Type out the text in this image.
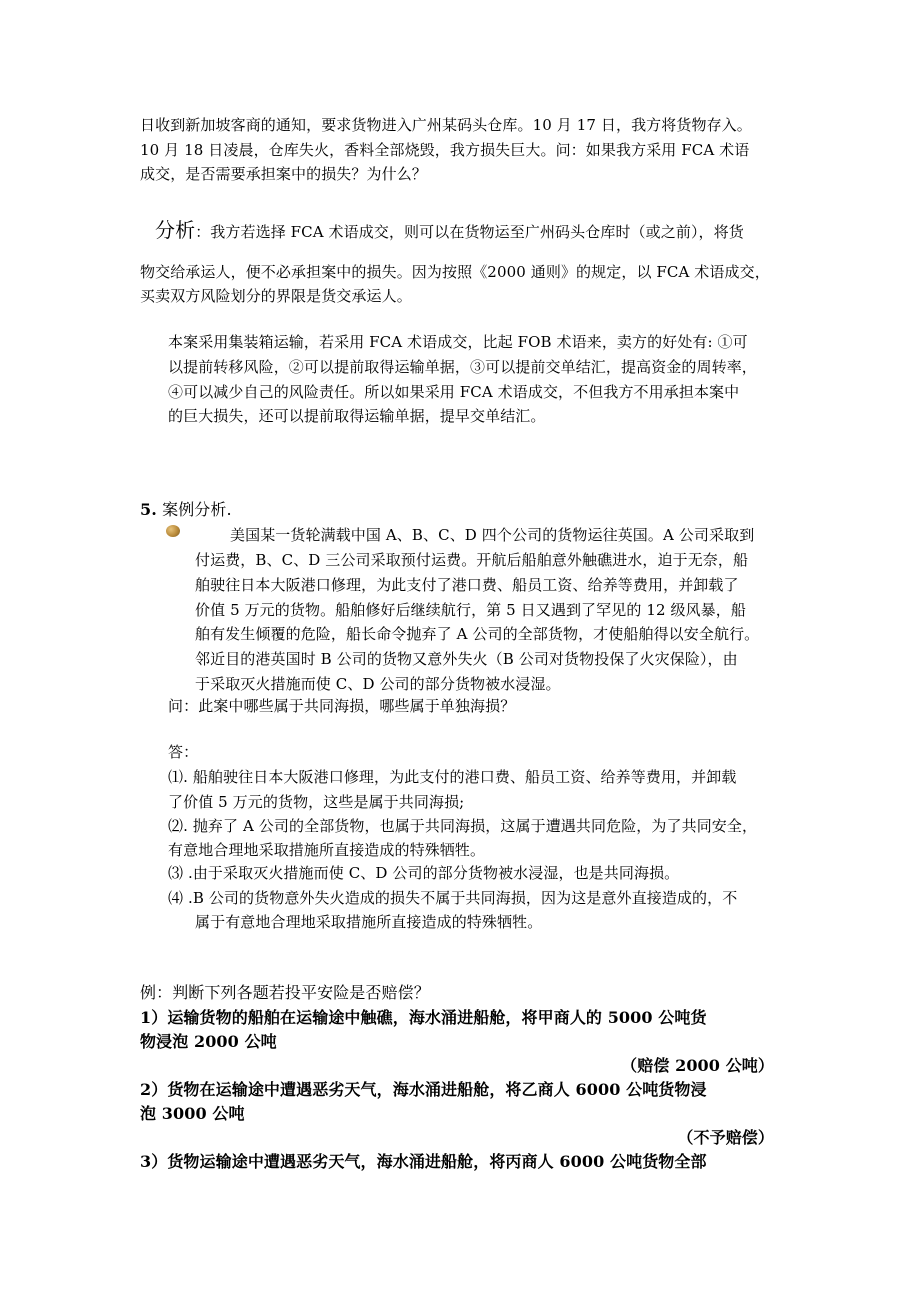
日收到新加坡客商的通知，要求货物进入广州某码头仓库。10 月 17 日，我方将货物存入。
10 月 18 日凌晨，仓库失火，香料全部烧毁，我方损失巨大。问：如果我方采用 FCA 术语
成交，是否需要承担案中的损失？为什么？
分析：我方若选择 FCA 术语成交，则可以在货物运至广州码头仓库时（或之前），将货
物交给承运人，便不必承担案中的损失。因为按照《2000 通则》的规定，以 FCA 术语成交，
买卖双方风险划分的界限是货交承运人。
本案采用集装箱运输，若采用 FCA 术语成交，比起 FOB 术语来，卖方的好处有: ①可
以提前转移风险，②可以提前取得运输单据，③可以提前交单结汇，提高资金的周转率，
④可以减少自己的风险责任。所以如果采用 FCA 术语成交，不但我方不用承担本案中
的巨大损失，还可以提前取得运输单据，提早交单结汇。
5. 案例分析.
美国某一货轮满载中国 A、B、C、D 四个公司的货物运往英国。A 公司采取到
付运费，B、C、D 三公司采取预付运费。开航后船舶意外触礁进水，迫于无奈，船
舶驶往日本大阪港口修理，为此支付了港口费、船员工资、给养等费用，并卸载了
价值 5 万元的货物。船舶修好后继续航行，第 5 日又遇到了罕见的 12 级风暴，船
舶有发生倾覆的危险，船长命令抛弃了 A 公司的全部货物，才使船舶得以安全航行。
邻近目的港英国时 B 公司的货物又意外失火（B 公司对货物投保了火灾保险），由
于采取灭火措施而使 C、D 公司的部分货物被水浸湿。
问：此案中哪些属于共同海损，哪些属于单独海损？
答：
⑴. 船舶驶往日本大阪港口修理，为此支付的港口费、船员工资、给养等费用，并卸载
了价值 5 万元的货物，这些是属于共同海损;
⑵. 抛弃了 A 公司的全部货物，也属于共同海损，这属于遭遇共同危险，为了共同安全，
有意地合理地采取措施所直接造成的特殊牺牲。
⑶ .由于采取灭火措施而使 C、D 公司的部分货物被水浸湿，也是共同海损。
⑷ .B 公司的货物意外失火造成的损失不属于共同海损，因为这是意外直接造成的，不
属于有意地合理地采取措施所直接造成的特殊牺牲。
例：判断下列各题若投平安险是否赔偿？
1）运输货物的船舶在运输途中触礁，海水涌进船舱，将甲商人的 5000 公吨货
物浸泡 2000 公吨
（赔偿 2000 公吨）
2）货物在运输途中遭遇恶劣天气，海水涌进船舱，将乙商人 6000 公吨货物浸
泡 3000 公吨
（不予赔偿）
3）货物运输途中遭遇恶劣天气，海水涌进船舱，将丙商人 6000 公吨货物全部
